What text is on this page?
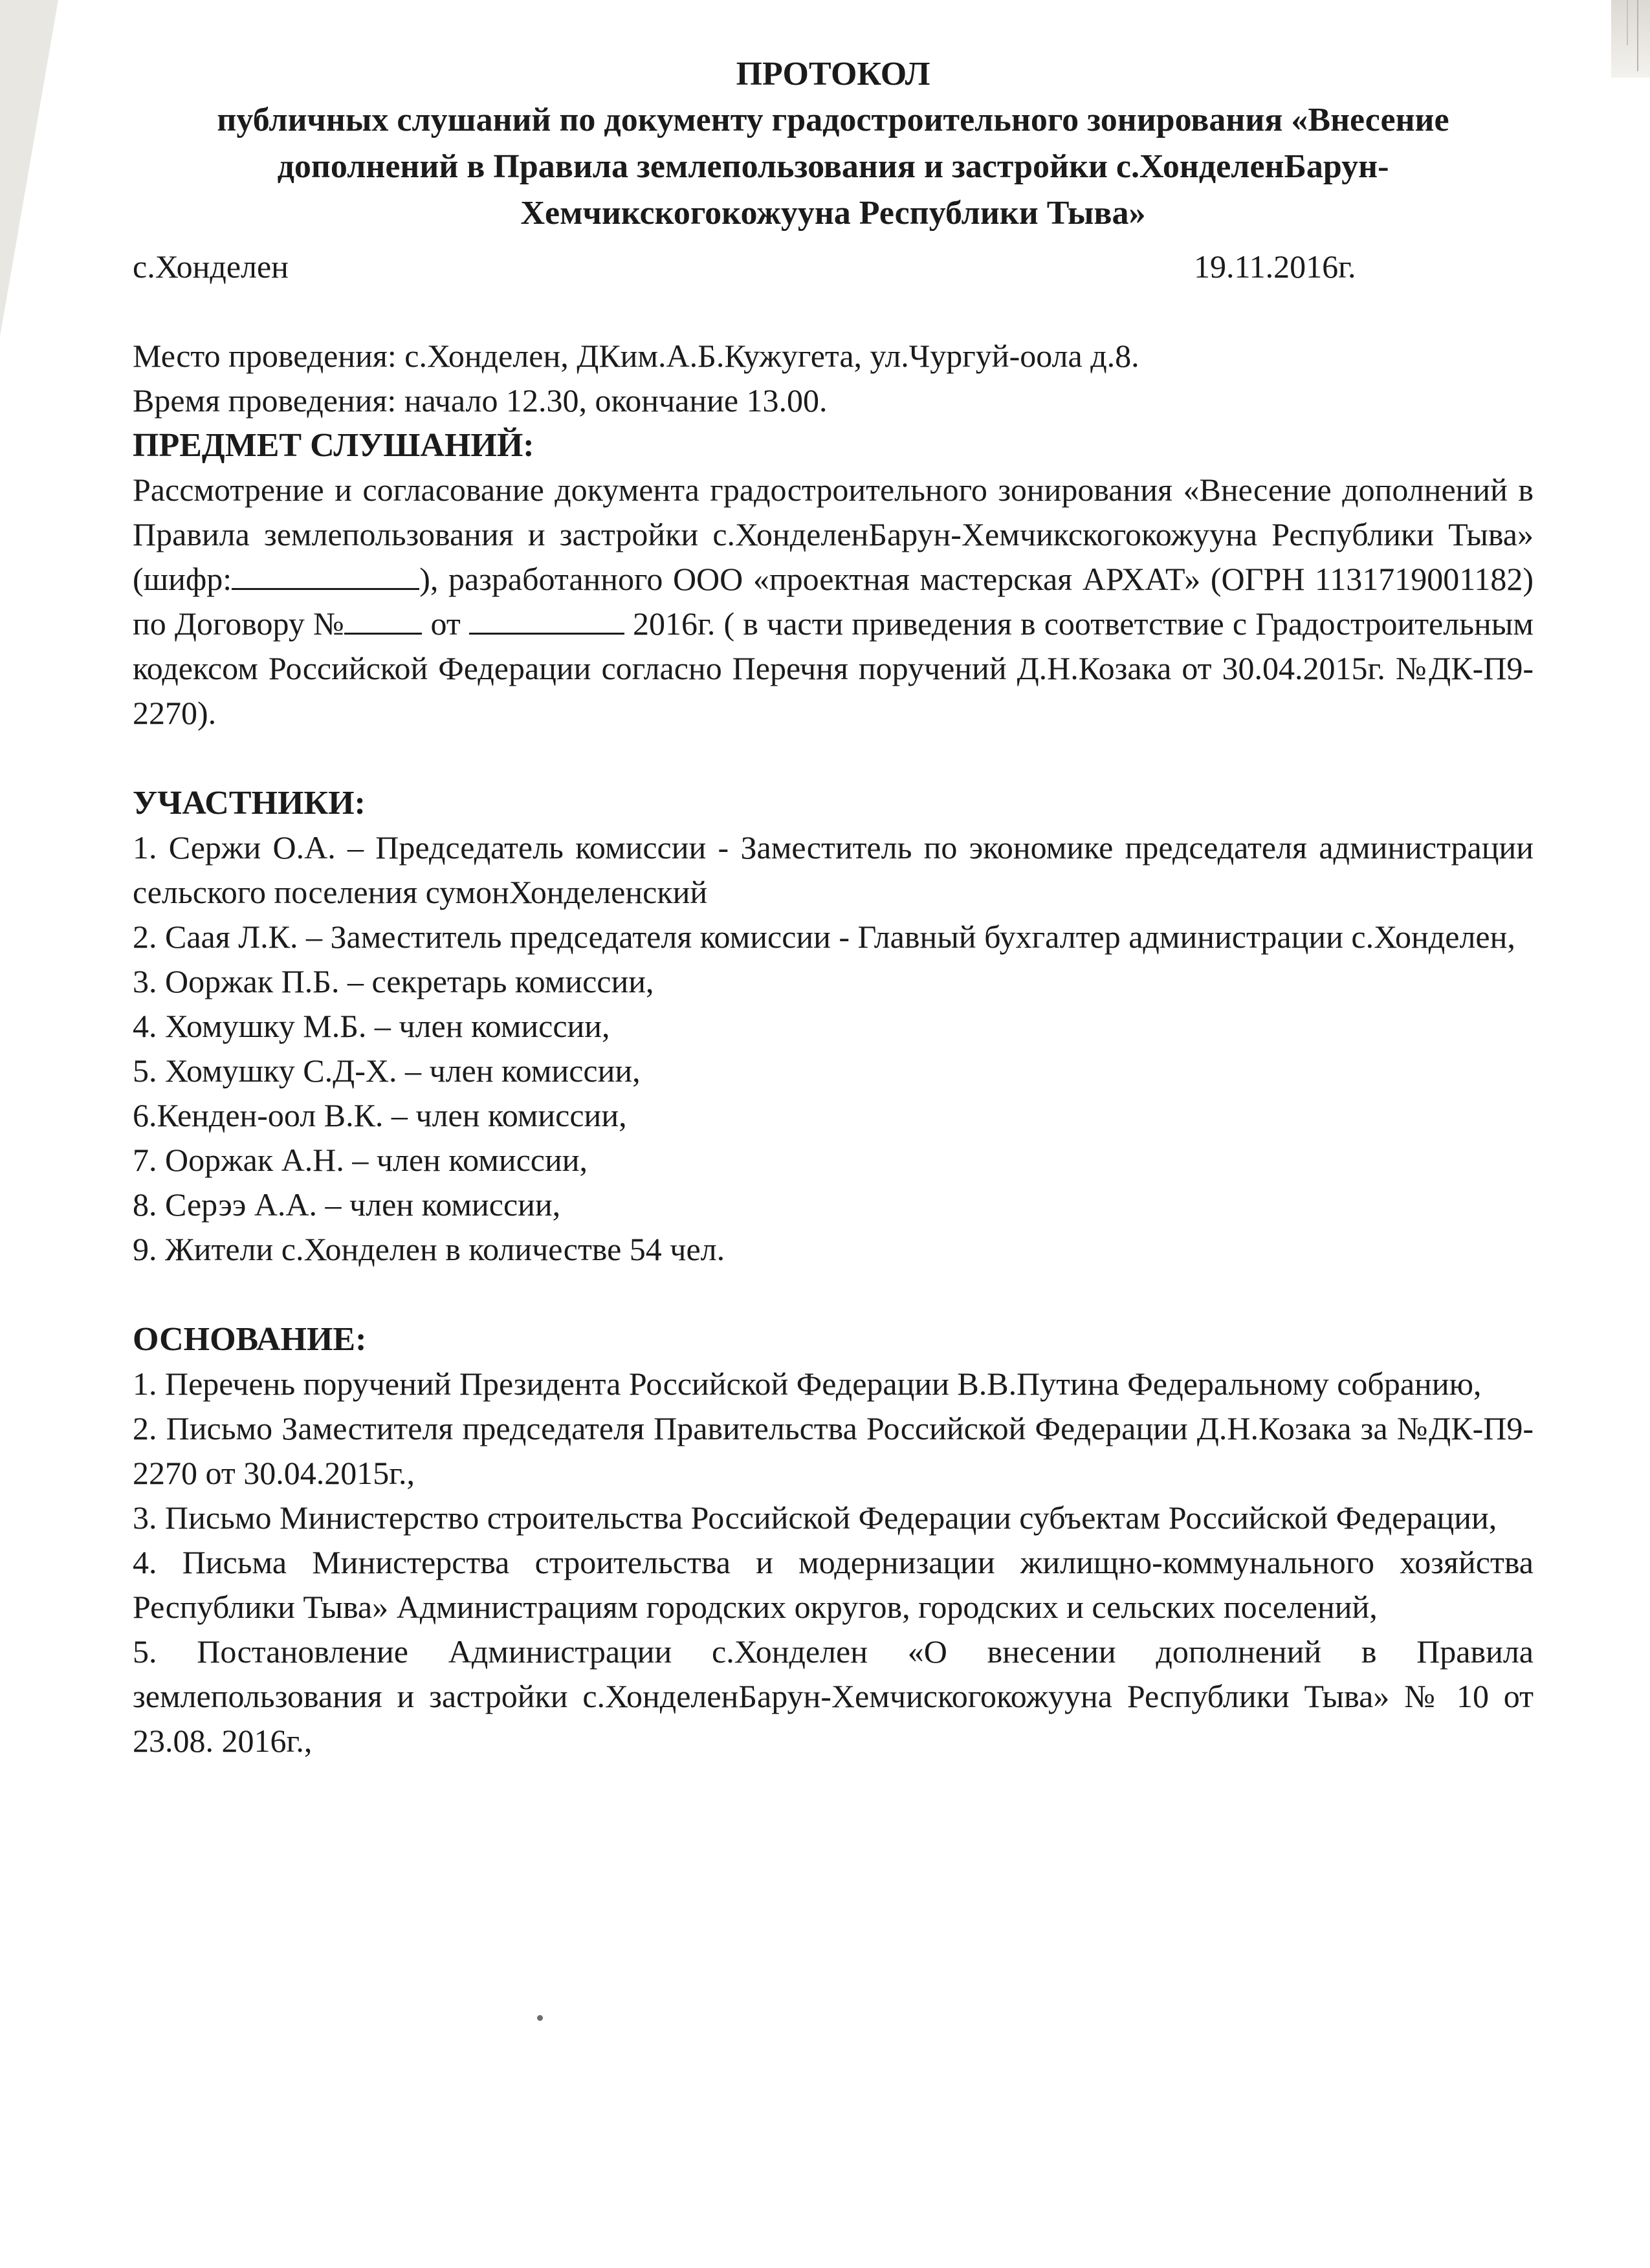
ПРОТОКОЛ

публичных слушаний по документу градостроительного зонирования «Внесение

дополнений в Правила землепользования и застройки с.ХонделенБарун-

Хемчикскогокожууна Республики Тыва»

с.Хонделен	19.11.2016г.

Место проведения: с.Хонделен, ДКим.А.Б.Кужугета, ул.Чургуй-оола д.8.

Время проведения: начало 12.30, окончание 13.00.

ПРЕДМЕТ СЛУШАНИЙ:

Рассмотрение и согласование документа градостроительного зонирования «Внесение дополнений в Правила землепользования и застройки с.ХонделенБарун-Хемчикскогокожууна Республики Тыва» (шифр:	), разработанного ООО «проектная мастерская АРХАТ» (ОГРН 1131719001182) по Договору № от	2016г. ( в части приведения в соответствие с Градостроительным кодексом Российской Федерации согласно Перечня поручений Д.Н.Козака от 30.04.2015г. №ДК-П9-2270).

УЧАСТНИКИ:

1. Сержи О.А. – Председатель комиссии - Заместитель по экономике председателя администрации сельского поселения сумонХонделенский
2. Саая Л.К. – Заместитель председателя комиссии - Главный бухгалтер администрации с.Хонделен,
3. Ооржак П.Б. – секретарь комиссии,
4. Хомушку М.Б. – член комиссии,
5. Хомушку С.Д-Х. – член комиссии,
6.Кенден-оол В.К. – член комиссии,
7. Ооржак А.Н. – член комиссии,
8. Серээ А.А. – член комиссии,
9. Жители с.Хонделен в количестве 54 чел.

ОСНОВАНИЕ:

1. Перечень поручений Президента Российской Федерации В.В.Путина Федеральному собранию,
2. Письмо Заместителя председателя Правительства Российской Федерации Д.Н.Козака за №ДК-П9-2270 от 30.04.2015г.,
3. Письмо Министерство строительства Российской Федерации субъектам Российской Федерации,
4. Письма Министерства строительства и модернизации жилищно-коммунального хозяйства Республики Тыва» Администрациям городских округов, городских и сельских поселений,
5. Постановление Администрации с.Хонделен «О внесении дополнений в Правила землепользования и застройки с.ХонделенБарун-Хемчискогокожууна Республики Тыва» № 10 от 23.08. 2016г.,
